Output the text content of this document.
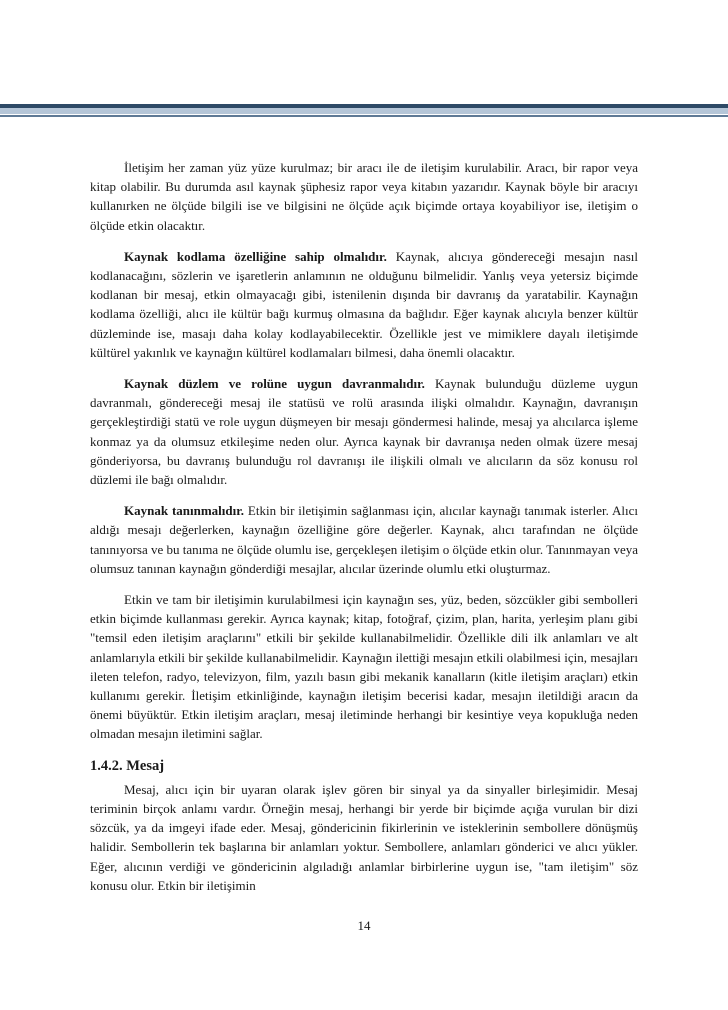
İletişim her zaman yüz yüze kurulmaz; bir aracı ile de iletişim kurulabilir. Aracı, bir rapor veya kitap olabilir. Bu durumda asıl kaynak şüphesiz rapor veya kitabın yazarıdır. Kaynak böyle bir aracıyı kullanırken ne ölçüde bilgili ise ve bilgisini ne ölçüde açık biçimde ortaya koyabiliyor ise, iletişim o ölçüde etkin olacaktır.

Kaynak kodlama özelliğine sahip olmalıdır. Kaynak, alıcıya göndereceği mesajın nasıl kodlanacağını, sözlerin ve işaretlerin anlamının ne olduğunu bilmelidir. Yanlış veya yetersiz biçimde kodlanan bir mesaj, etkin olmayacağı gibi, istenilenin dışında bir davranış da yaratabilir. Kaynağın kodlama özelliği, alıcı ile kültür bağı kurmuş olmasına da bağlıdır. Eğer kaynak alıcıyla benzer kültür düzleminde ise, masajı daha kolay kodlayabilecektir. Özellikle jest ve mimiklere dayalı iletişimde kültürel yakınlık ve kaynağın kültürel kodlamaları bilmesi, daha önemli olacaktır.

Kaynak düzlem ve rolüne uygun davranmalıdır. Kaynak bulunduğu düzleme uygun davranmalı, göndereceği mesaj ile statüsü ve rolü arasında ilişki olmalıdır. Kaynağın, davranışın gerçekleştirdiği statü ve role uygun düşmeyen bir mesajı göndermesi halinde, mesaj ya alıcılarca işleme konmaz ya da olumsuz etkileşime neden olur. Ayrıca kaynak bir davranışa neden olmak üzere mesaj gönderiyorsa, bu davranış bulunduğu rol davranışı ile ilişkili olmalı ve alıcıların da söz konusu rol düzlemi ile bağı olmalıdır.

Kaynak tanınmalıdır. Etkin bir iletişimin sağlanması için, alıcılar kaynağı tanımak isterler. Alıcı aldığı mesajı değerlerken, kaynağın özelliğine göre değerler. Kaynak, alıcı tarafından ne ölçüde tanınıyorsa ve bu tanıma ne ölçüde olumlu ise, gerçekleşen iletişim o ölçüde etkin olur. Tanınmayan veya olumsuz tanınan kaynağın gönderdiği mesajlar, alıcılar üzerinde olumlu etki oluşturmaz.

Etkin ve tam bir iletişimin kurulabilmesi için kaynağın ses, yüz, beden, sözcükler gibi sembolleri etkin biçimde kullanması gerekir. Ayrıca kaynak; kitap, fotoğraf, çizim, plan, harita, yerleşim planı gibi "temsil eden iletişim araçlarını" etkili bir şekilde kullanabilmelidir. Özellikle dili ilk anlamları ve alt anlamlarıyla etkili bir şekilde kullanabilmelidir. Kaynağın ilettiği mesajın etkili olabilmesi için, mesajları ileten telefon, radyo, televizyon, film, yazılı basın gibi mekanik kanalların (kitle iletişim araçları) etkin kullanımı gerekir. İletişim etkinliğinde, kaynağın iletişim becerisi kadar, mesajın iletildiği aracın da önemi büyüktür. Etkin iletişim araçları, mesaj iletiminde herhangi bir kesintiye veya kopukluğa neden olmadan mesajın iletimini sağlar.

1.4.2. Mesaj

Mesaj, alıcı için bir uyaran olarak işlev gören bir sinyal ya da sinyaller birleşimidir. Mesaj teriminin birçok anlamı vardır. Örneğin mesaj, herhangi bir yerde bir biçimde açığa vurulan bir dizi sözcük, ya da imgeyi ifade eder. Mesaj, göndericinin fikirlerinin ve isteklerinin sembollere dönüşmüş halidir. Sembollerin tek başlarına bir anlamları yoktur. Sembollere, anlamları gönderici ve alıcı yükler. Eğer, alıcının verdiği ve göndericinin algıladığı anlamlar birbirlerine uygun ise, "tam iletişim" söz konusu olur. Etkin bir iletişimin

14
